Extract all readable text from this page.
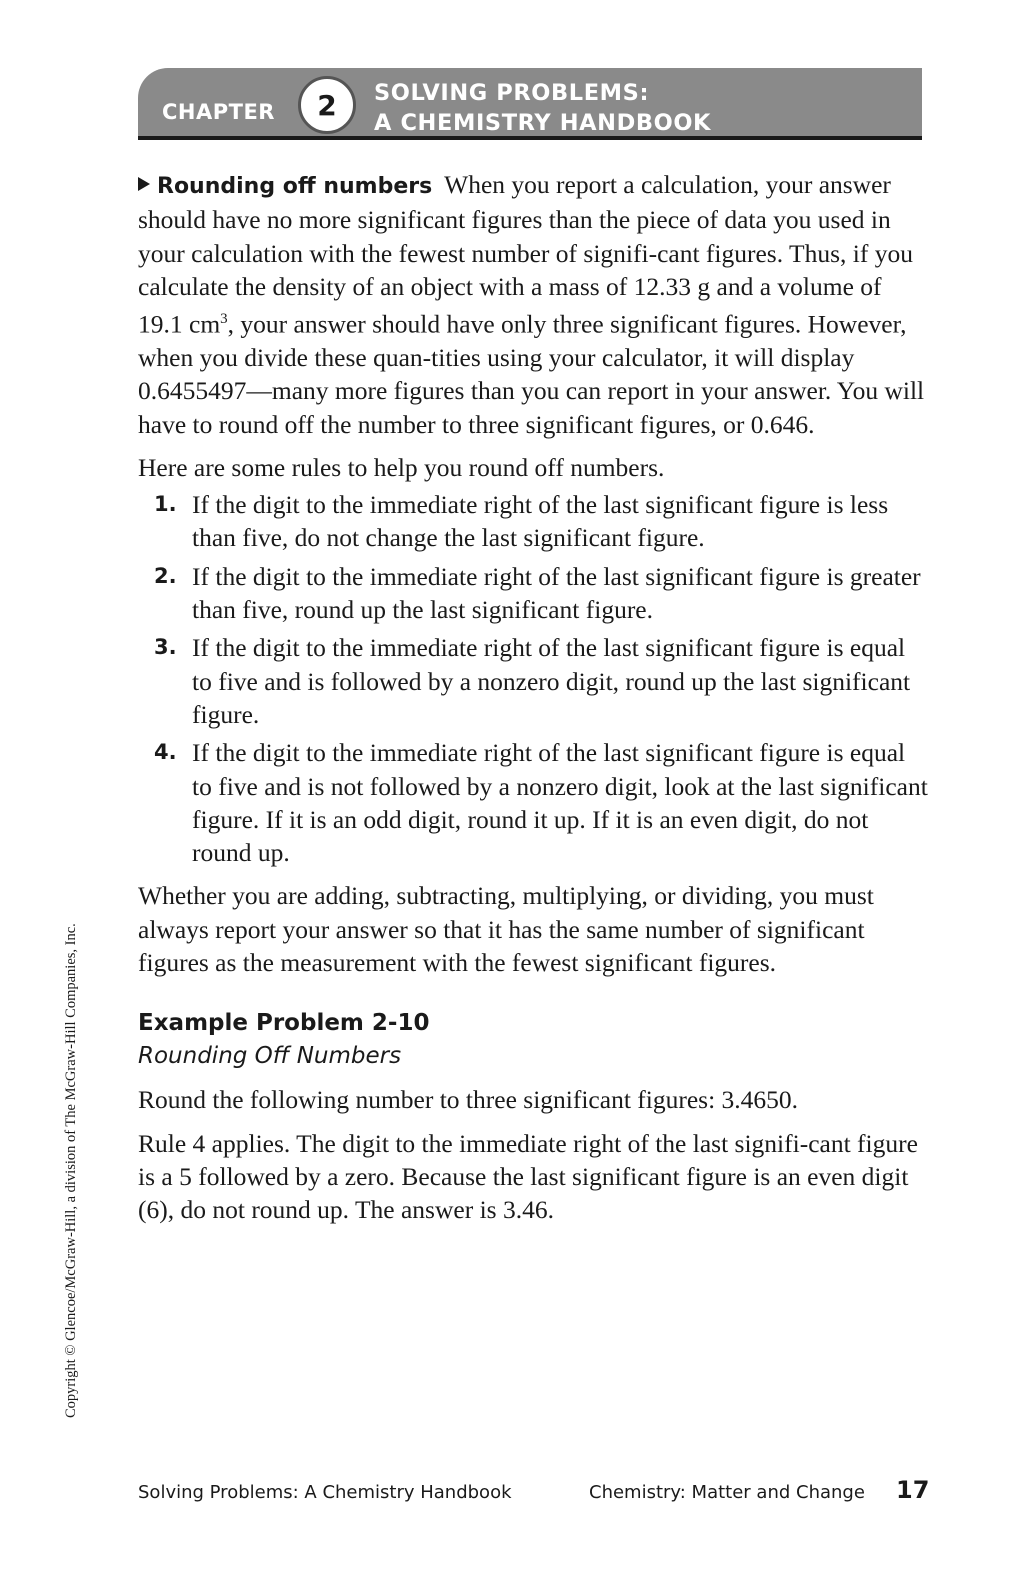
CHAPTER	2	SOLVING PROBLEMS:
A CHEMISTRY HANDBOOK

Rounding off numbers When you report a calculation, your answer should have no more significant figures than the piece of data you used in your calculation with the fewest number of signifi-cant figures. Thus, if you calculate the density of an object with a mass of 12.33 g and a volume of 19.1 $cm^3$, your answer should have only three significant figures. However, when you divide these quan-tities using your calculator, it will display 0.6455497—many more figures than you can report in your answer. You will have to round off the number to three significant figures, or 0.646.

Here are some rules to help you round off numbers.

1. If the digit to the immediate right of the last significant figure is less than five, do not change the last significant figure.
2. If the digit to the immediate right of the last significant figure is greater than five, round up the last significant figure.
3. If the digit to the immediate right of the last significant figure is equal to five and is followed by a nonzero digit, round up the last significant figure.
4. If the digit to the immediate right of the last significant figure is equal to five and is not followed by a nonzero digit, look at the last significant figure. If it is an odd digit, round it up. If it is an even digit, do not round up.

Whether you are adding, subtracting, multiplying, or dividing, you must always report your answer so that it has the same number of significant figures as the measurement with the fewest significant figures.

Example Problem 2-10
Rounding Off Numbers

Round the following number to three significant figures: 3.4650.

Rule 4 applies. The digit to the immediate right of the last signifi-cant figure is a 5 followed by a zero. Because the last significant figure is an even digit (6), do not round up. The answer is 3.46.

Copyright © Glencoe/McGraw-Hill, a division of The McGraw-Hill Companies, Inc.
Solving Problems: A Chemistry Handbook	Chemistry: Matter and Change 17
